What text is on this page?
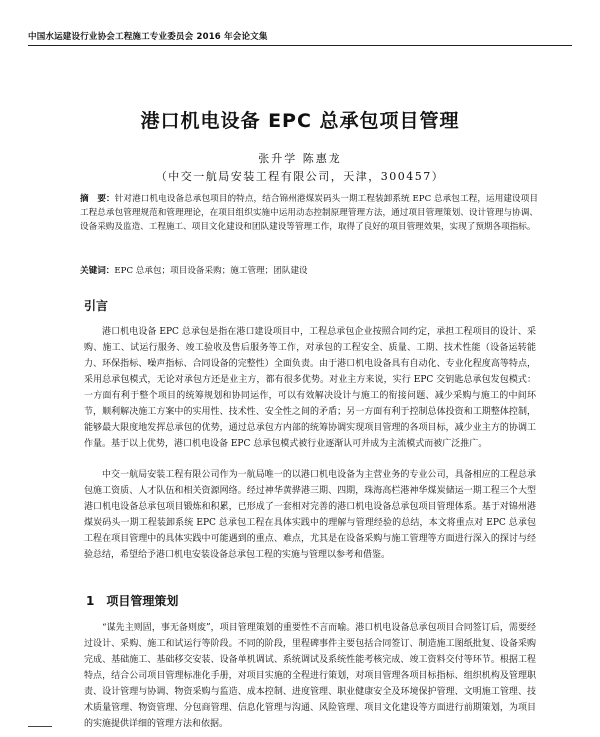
中国水运建设行业协会工程施工专业委员会 2016 年会论文集
港口机电设备 EPC 总承包项目管理
张升学 陈惠龙
（中交一航局安装工程有限公司，天津，300457）
摘　要：针对港口机电设备总承包项目的特点，结合锦州港煤炭码头一期工程装卸系统 EPC 总承包工程，运用建设项目工程总承包管理规范和管理理论，在项目组织实施中运用动态控制原理管理方法，通过项目管理策划、设计管理与协调、设备采购及监造、工程施工、项目文化建设和团队建设等管理工作，取得了良好的项目管理效果，实现了预期各项指标。
关键词：EPC 总承包；项目设备采购；施工管理；团队建设
引言

港口机电设备 EPC 总承包是指在港口建设项目中，工程总承包企业按照合同约定，承担工程项目的设计、采购、施工、试运行服务、竣工验收及售后服务等工作，对承包的工程安全、质量、工期、技术性能（设备运转能力、环保指标、噪声指标、合同设备的完整性）全面负责。由于港口机电设备具有自动化、专业化程度高等特点，采用总承包模式，无论对承包方还是业主方，都有很多优势。对业主方来说，实行 EPC 交钥匙总承包发包模式：一方面有利于整个项目的统筹规划和协同运作，可以有效解决设计与施工的衔接问题、减少采购与施工的中间环节，顺利解决施工方案中的实用性、技术性、安全性之间的矛盾；另一方面有利于控制总体投资和工期整体控制，能够最大限度地发挥总承包的优势，通过总承包方内部的统筹协调实现项目管理的各项目标，减少业主方的协调工作量。基于以上优势，港口机电设备 EPC 总承包模式被行业逐渐认可并成为主流模式而被广泛推广。

中交一航局安装工程有限公司作为一航局唯一的以港口机电设备为主营业务的专业公司，具备相应的工程总承包施工资质、人才队伍和相关资源网络。经过神华黄骅港三期、四期，珠海高栏港神华煤炭储运一期工程三个大型港口机电设备总承包项目锻炼和积累，已形成了一套相对完善的港口机电设备总承包项目管理体系。基于对锦州港煤炭码头一期工程装卸系统 EPC 总承包工程在具体实践中的理解与管理经验的总结，本文将重点对 EPC 总承包工程在项目管理中的具体实践中可能遇到的重点、难点，尤其是在设备采购与施工管理等方面进行深入的探讨与经验总结，希望给予港口机电安装设备总承包工程的实施与管理以参考和借鉴。

1 项目管理策划

“谋先主则固，事无备则废”，项目管理策划的重要性不言而喻。港口机电设备总承包项目合同签订后，需要经过设计、采购、施工和试运行等阶段。不同的阶段，里程碑事件主要包括合同签订、制造施工图纸批复、设备采购完成、基础施工、基础移交安装、设备单机调试、系统调试及系统性能考核完成、竣工资料交付等环节。根据工程特点，结合公司项目管理标准化手册，对项目实施的全程进行策划，对项目管理各项目标指标、组织机构及管理职责、设计管理与协调、物资采购与监造、成本控制、进度管理、职业健康安全及环境保护管理、文明施工管理、技术质量管理、物资管理、分包商管理、信息化管理与沟通、风险管理、项目文化建设等方面进行前期策划，为项目的实施提供详细的管理方法和依据。
